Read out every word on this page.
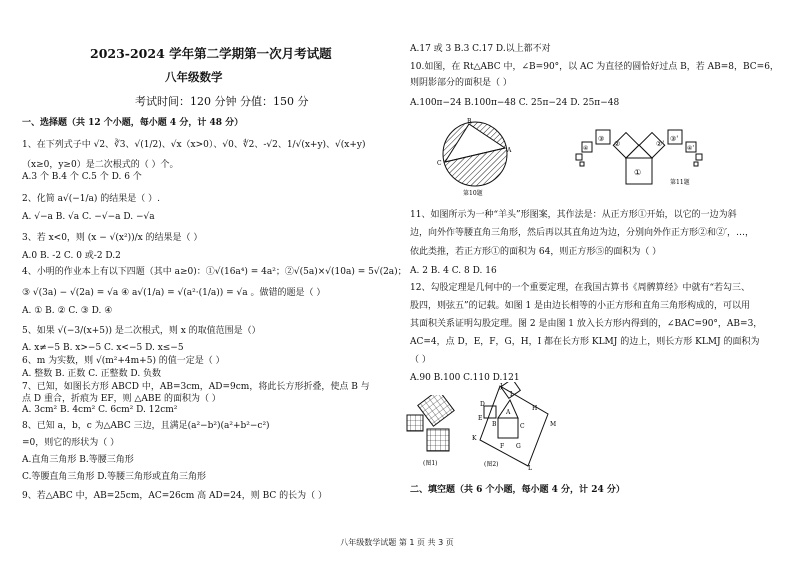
2023-2024 学年第二学期第一次月考试题
八年级数学
考试时间：120 分钟 分值：150 分
一、选择题（共 12 个小题，每小题 4 分，计 48 分）
1、在下列式子中 √2、∛3、√(1/2)、√x（x>0）、√0、∜2、-√2、1/√(x+y)、√(x+y)
（x≥0，y≥0）是二次根式的（ ）个。
A.3 个 B.4 个 C.5 个 D. 6 个
2、化简 a√(−1/a) 的结果是（ ）.
A. √−a B. √a C. −√−a D. −√a
3、若 x<0，则 (x − √(x²))/x 的结果是（ ）
A.0 B. -2 C. 0 或-2 D.2
4、小明的作业本上有以下四题（其中 a≥0)：①√(16a⁴) = 4a²；②√(5a)×√(10a) = 5√(2a)；
③ √(3a) − √(2a) = √a ④ a√(1/a) = √(a²·(1/a)) = √a 。做错的题是（ ）
A. ① B. ② C. ③ D. ④
5、如果 √(−3/(x+5)) 是二次根式，则 x 的取值范围是（）
A. x≠−5 B. x>−5 C. x<−5 D. x≤−5
6、m 为实数，则 √(m²+4m+5) 的值一定是（ ）
A. 整数 B. 正数 C. 正整数 D. 负数
7、已知，如图长方形 ABCD 中，AB=3cm，AD=9cm，将此长方形折叠，使点 B 与
点 D 重合，折痕为 EF，则 △ABE 的面积为（ ）
A. 3cm² B. 4cm² C. 6cm² D. 12cm²
8、已知 a，b，c 为△ABC 三边，且满足(a²−b²)(a²+b²−c²)
=0，则它的形状为（ ）
A.直角三角形 B.等腰三角形
C.等腰直角三角形 D.等腰三角形或直角三角形
9、若△ABC 中，AB=25cm，AC=26cm 高 AD=24，则 BC 的长为（ ）
A.17 或 3 B.3 C.17 D.以上都不对
10.如图，在 Rt△ABC 中，∠B=90°，以 AC 为直径的圆恰好过点 B，若 AB=8，BC=6，
则阴影部分的面积是（ ）
A.100π−24 B.100π−48 C. 25π−24 D. 25π−48
11、如图所示为一种“羊头”形图案，其作法是：从正方形①开始，以它的一边为斜
边，向外作等腰直角三角形，然后再以其直角边为边，分别向外作正方形②和②′，…，
依此类推，若正方形①的面积为 64，则正方形⑤的面积为（ ）
A. 2 B. 4 C. 8 D. 16
12、勾股定理是几何中的一个重要定理，在我国古算书《周髀算经》中就有“若勾三、
股四，则弦五”的记载。如图 1 是由边长相等的小正方形和直角三角形构成的，可以用
其面积关系证明勾股定理。图 2 是由图 1 放入长方形内得到的，∠BAC=90°，AB=3，
AC=4，点 D，E，F，G，H，I 都在长方形 KLMJ 的边上，则长方形 KLMJ 的面积为
（ ）
A.90 B.100 C.110 D.121
二、填空题（共 6 个小题，每小题 4 分，计 24 分）
A
B
C
第10题
①
②	②'
③	③'
④	④'
第11题
(图1)
J
I
D
E
A
H
B	C	M
K
F G
L
(图2)
八年级数学试题 第 1 页 共 3 页
